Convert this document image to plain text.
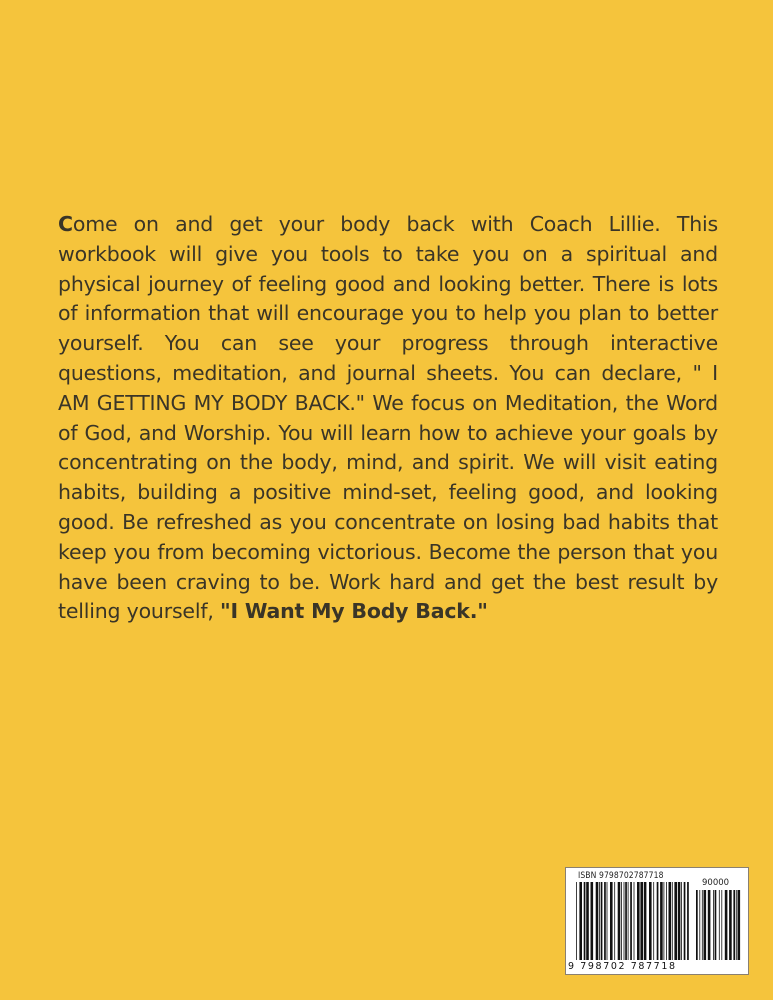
Come on and get your body back with Coach Lillie. This workbook will give you tools to take you on a spiritual and physical journey of feeling good and looking better. There is lots of information that will encourage you to help you plan to better yourself. You can see your progress through interactive questions, meditation, and journal sheets. You can declare, " I AM GETTING MY BODY BACK." We focus on Meditation, the Word of God, and Worship. You will learn how to achieve your goals by concentrating on the body, mind, and spirit. We will visit eating habits, building a positive mind-set, feeling good, and looking good. Be refreshed as you concentrate on losing bad habits that keep you from becoming victorious. Become the person that you have been craving to be. Work hard and get the best result by telling yourself, "I Want My Body Back."

ISBN 9798702787718
90000
9 798702 787718
